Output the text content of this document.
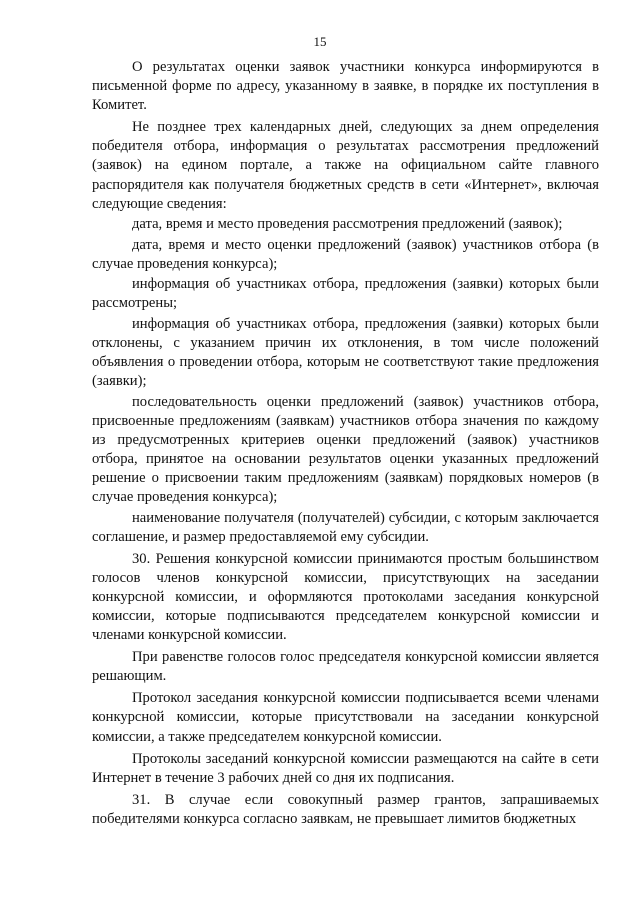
15

О результатах оценки заявок участники конкурса информируются в письменной форме по адресу, указанному в заявке, в порядке их поступления в Комитет.

Не позднее трех календарных дней, следующих за днем определения победителя отбора, информация о результатах рассмотрения предложений (заявок) на едином портале, а также на официальном сайте главного распорядителя как получателя бюджетных средств в сети «Интернет», включая следующие сведения:

дата, время и место проведения рассмотрения предложений (заявок);

дата, время и место оценки предложений (заявок) участников отбора (в случае проведения конкурса);

информация об участниках отбора, предложения (заявки) которых были рассмотрены;

информация об участниках отбора, предложения (заявки) которых были отклонены, с указанием причин их отклонения, в том числе положений объявления о проведении отбора, которым не соответствуют такие предложения (заявки);

последовательность оценки предложений (заявок) участников отбора, присвоенные предложениям (заявкам) участников отбора значения по каждому из предусмотренных критериев оценки предложений (заявок) участников отбора, принятое на основании результатов оценки указанных предложений решение о присвоении таким предложениям (заявкам) порядковых номеров (в случае проведения конкурса);

наименование получателя (получателей) субсидии, с которым заключается соглашение, и размер предоставляемой ему субсидии.

30. Решения конкурсной комиссии принимаются простым большинством голосов членов конкурсной комиссии, присутствующих на заседании конкурсной комиссии, и оформляются протоколами заседания конкурсной комиссии, которые подписываются председателем конкурсной комиссии и членами конкурсной комиссии.

При равенстве голосов голос председателя конкурсной комиссии является решающим.

Протокол заседания конкурсной комиссии подписывается всеми членами конкурсной комиссии, которые присутствовали на заседании конкурсной комиссии, а также председателем конкурсной комиссии.

Протоколы заседаний конкурсной комиссии размещаются на сайте в сети Интернет в течение 3 рабочих дней со дня их подписания.

31. В случае если совокупный размер грантов, запрашиваемых победителями конкурса согласно заявкам, не превышает лимитов бюджетных
